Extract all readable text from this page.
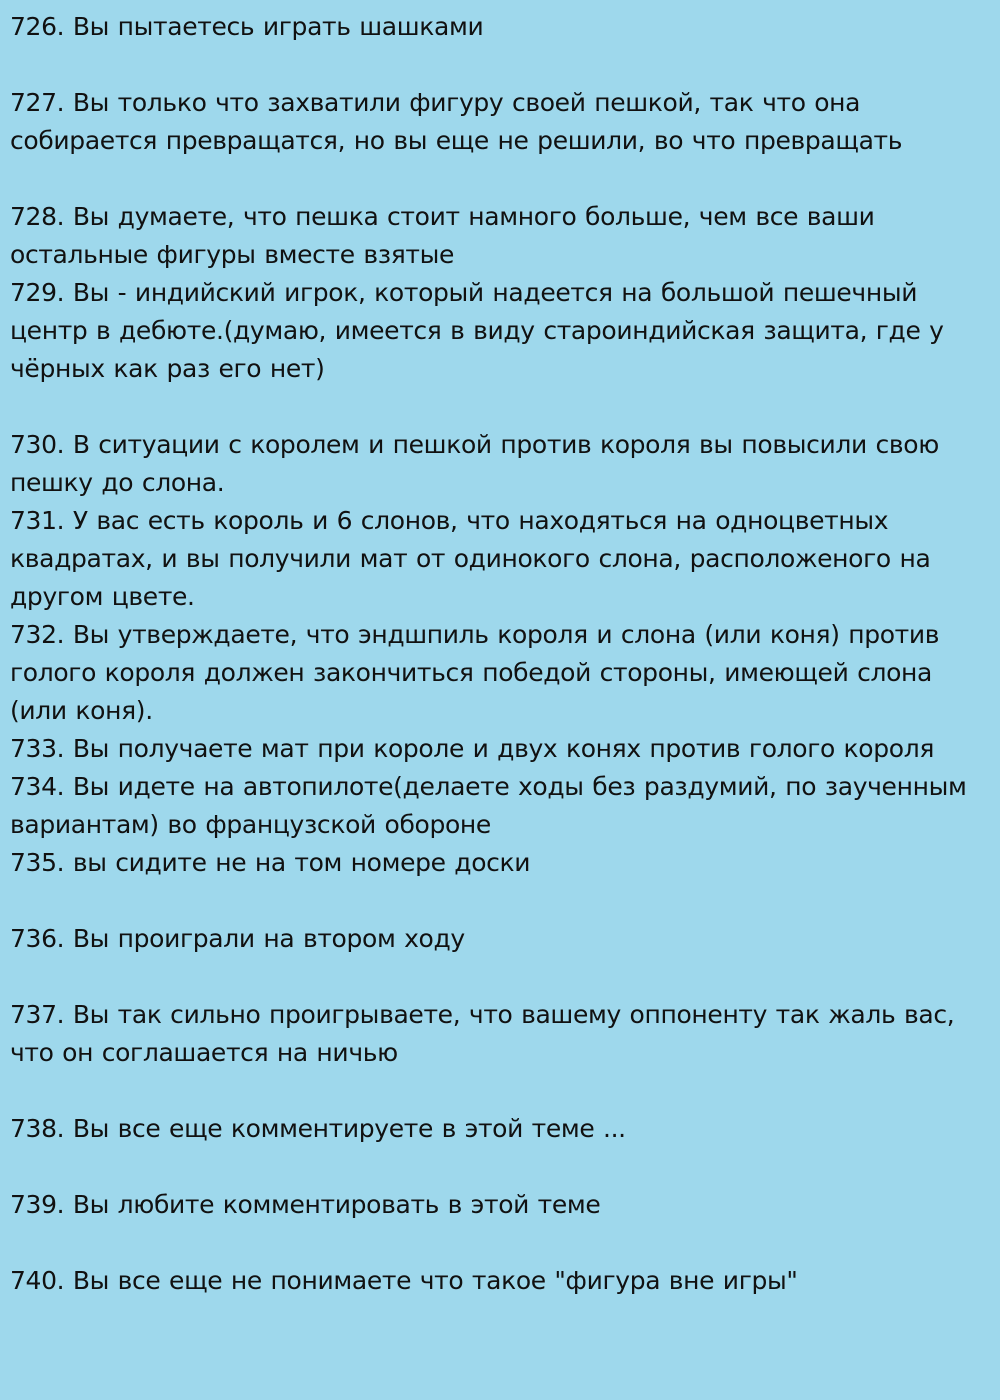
726. Вы пытаетесь играть шашками
727. Вы только что захватили фигуру своей пешкой, так что она
собирается превращатся, но вы еще не решили, во что превращать
728. Вы думаете, что пешка стоит намного больше, чем все ваши
остальные фигуры вместе взятые
729. Вы - индийский игрок, который надеется на большой пешечный
центр в дебюте.(думаю, имеется в виду староиндийская защита, где у
чёрных как раз его нет)
730. В ситуации с королем и пешкой против короля вы повысили свою
пешку до слона.
731. У вас есть король и 6 слонов, что находяться на одноцветных
квадратах, и вы получили мат от одинокого слона, расположеного на
другом цвете.
732. Вы утверждаете, что эндшпиль короля и слона (или коня) против
голого короля должен закончиться победой стороны, имеющей слона
(или коня).
733. Вы получаете мат при короле и двух конях против голого короля
734. Вы идете на автопилоте(делаете ходы без раздумий, по заученным
вариантам) во французской обороне
735. вы сидите не на том номере доски
736. Вы проиграли на втором ходу
737. Вы так сильно проигрываете, что вашему оппоненту так жаль вас,
что он соглашается на ничью
738. Вы все еще комментируете в этой теме ...
739. Вы любите комментировать в этой теме
740. Вы все еще не понимаете что такое "фигура вне игры"
